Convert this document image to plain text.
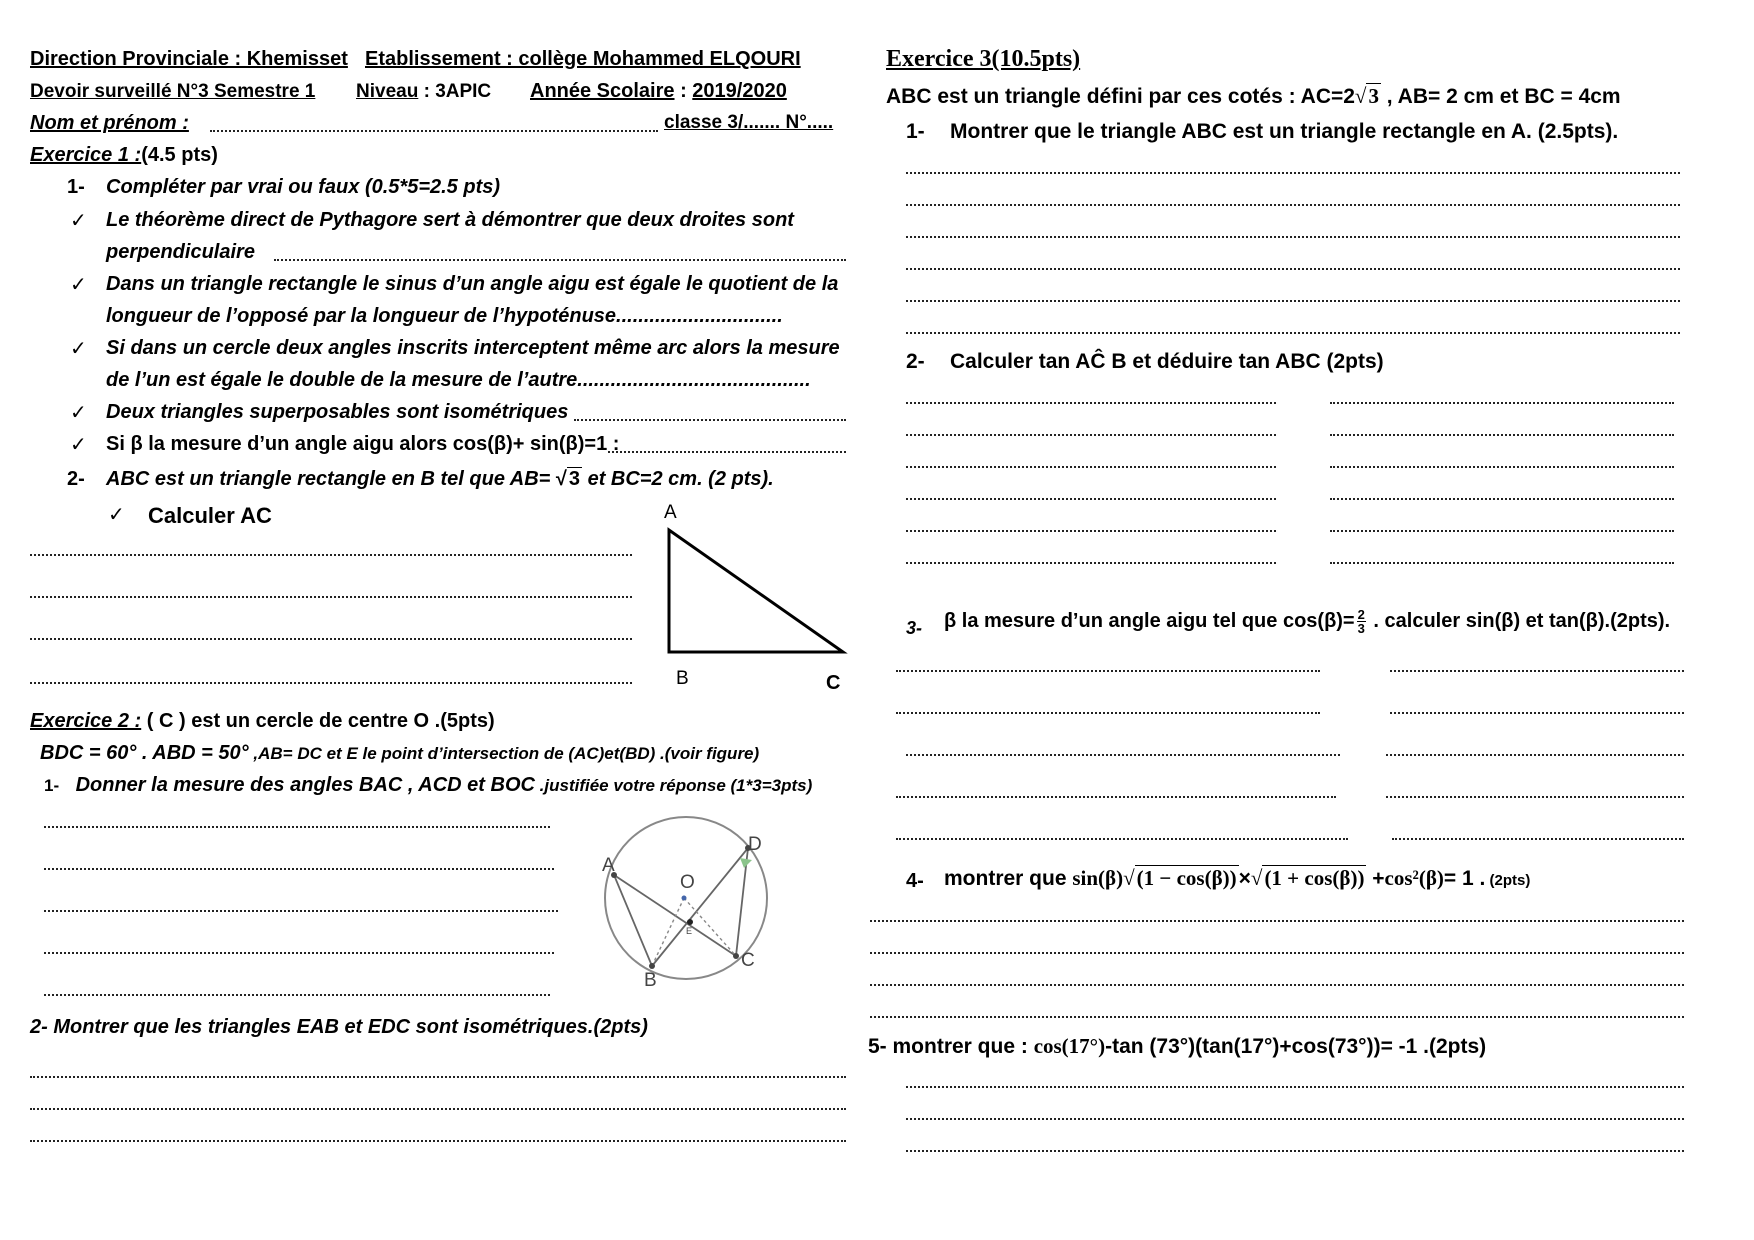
Direction Provinciale : Khemisset Etablissement : collège Mohammed ELQOURI
Devoir surveillé N°3 Semestre 1 Niveau : 3APIC Année Scolaire : 2019/2020
Nom et prénom :	classe 3/....... N°.....
Exercice 1 :(4.5 pts)
1- Compléter par vrai ou faux (0.5*5=2.5 pts)
✓ Le théorème direct de Pythagore sert à démontrer que deux droites sont
perpendiculaire
✓ Dans un triangle rectangle le sinus d’un angle aigu est égale le quotient de la
longueur de l’opposé par la longueur de l’hypoténuse..............................
✓ Si dans un cercle deux angles inscrits interceptent même arc alors la mesure
de l’un est égale le double de la mesure de l’autre..........................................
✓ Deux triangles superposables sont isométriques
✓ Si β la mesure d’un angle aigu alors cos(β)+ sin(β)=1 :
2- ABC est un triangle rectangle en B tel que AB= √ 3 et BC=2 cm. (2 pts).
✓ Calculer AC	A
B	C
Exercice 2 : ( C ) est un cercle de centre O .(5pts)
BDC = 60° . ABD = 50° ,AB= DC et E le point d’intersection de (AC)et(BD) .(voir figure)
1- Donner la mesure des angles BAC , ACD et BOC .justifiée votre réponse (1*3=3pts)
A
B
C
D
O
E
2- Montrer que les triangles EAB et EDC sont isométriques.(2pts)
Exercice 3(10.5pts)
ABC est un triangle défini par ces cotés : AC=2√3 , AB= 2 cm et BC = 4cm
1- Montrer que le triangle ABC est un triangle rectangle en A. (2.5pts).
2- Calculer tan AĈ B et déduire tan ABC (2pts)
3- β la mesure d’un angle aigu tel que $\cos(\beta)= \frac{2}{3}$ . calculer sin(β) et tan(β).(2pts).
4- montrer que sin(β)√(1 − cos(β))×√(1 + cos(β)) +cos²(β)= 1 . (2pts)
5- montrer que : cos(17°)-tan (73°)(tan(17°)+cos(73°))= -1 .(2pts)
